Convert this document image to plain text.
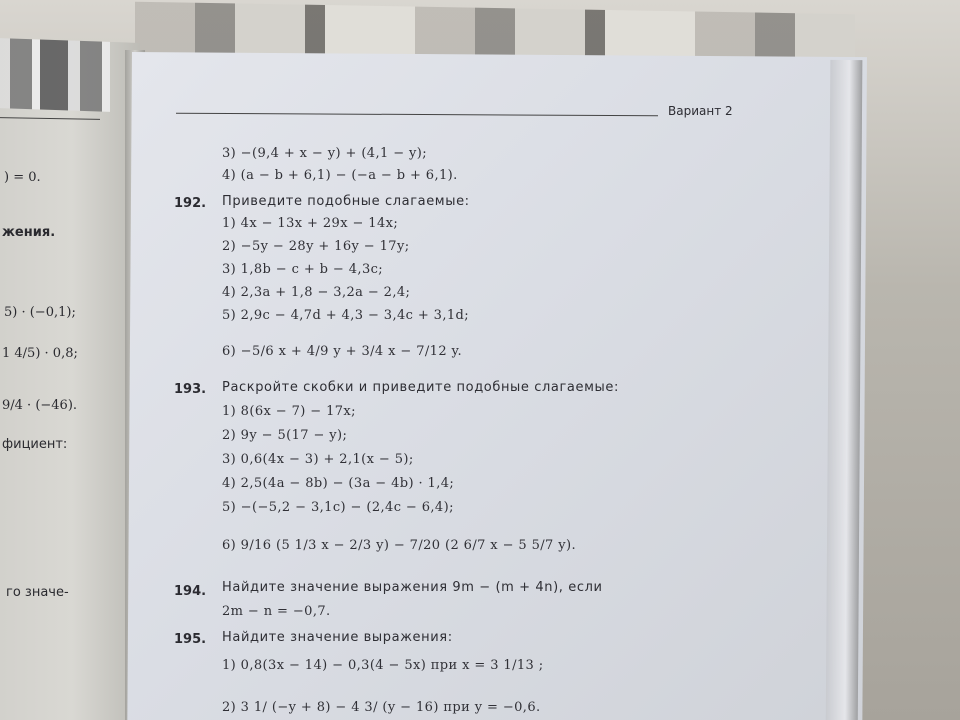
) = 0.
жения.
5) · (−0,1);
1 4/5) · 0,8;
9/4 · (−46).
фициент:
го значе-
Вариант 2
3) −(9,4 + x − y) + (4,1 − y);
4) (a − b + 6,1) − (−a − b + 6,1).
192. Приведите подобные слагаемые:
1) 4x − 13x + 29x − 14x;
2) −5y − 28y + 16y − 17y;
3) 1,8b − c + b − 4,3c;
4) 2,3a + 1,8 − 3,2a − 2,4;
5) 2,9c − 4,7d + 4,3 − 3,4c + 3,1d;
6) −5/6 x + 4/9 y + 3/4 x − 7/12 y.
193. Раскройте скобки и приведите подобные слагаемые:
1) 8(6x − 7) − 17x;
2) 9y − 5(17 − y);
3) 0,6(4x − 3) + 2,1(x − 5);
4) 2,5(4a − 8b) − (3a − 4b) · 1,4;
5) −(−5,2 − 3,1c) − (2,4c − 6,4);
6) 9/16 (5 1/3 x − 2/3 y) − 7/20 (2 6/7 x − 5 5/7 y).
194. Найдите значение выражения 9m − (m + 4n), если
2m − n = −0,7.
195. Найдите значение выражения:
1) 0,8(3x − 14) − 0,3(4 − 5x) при x = 3 1/13 ;
2) 3 1/ (−y + 8) − 4 3/ (y − 16) при y = −0,6.
